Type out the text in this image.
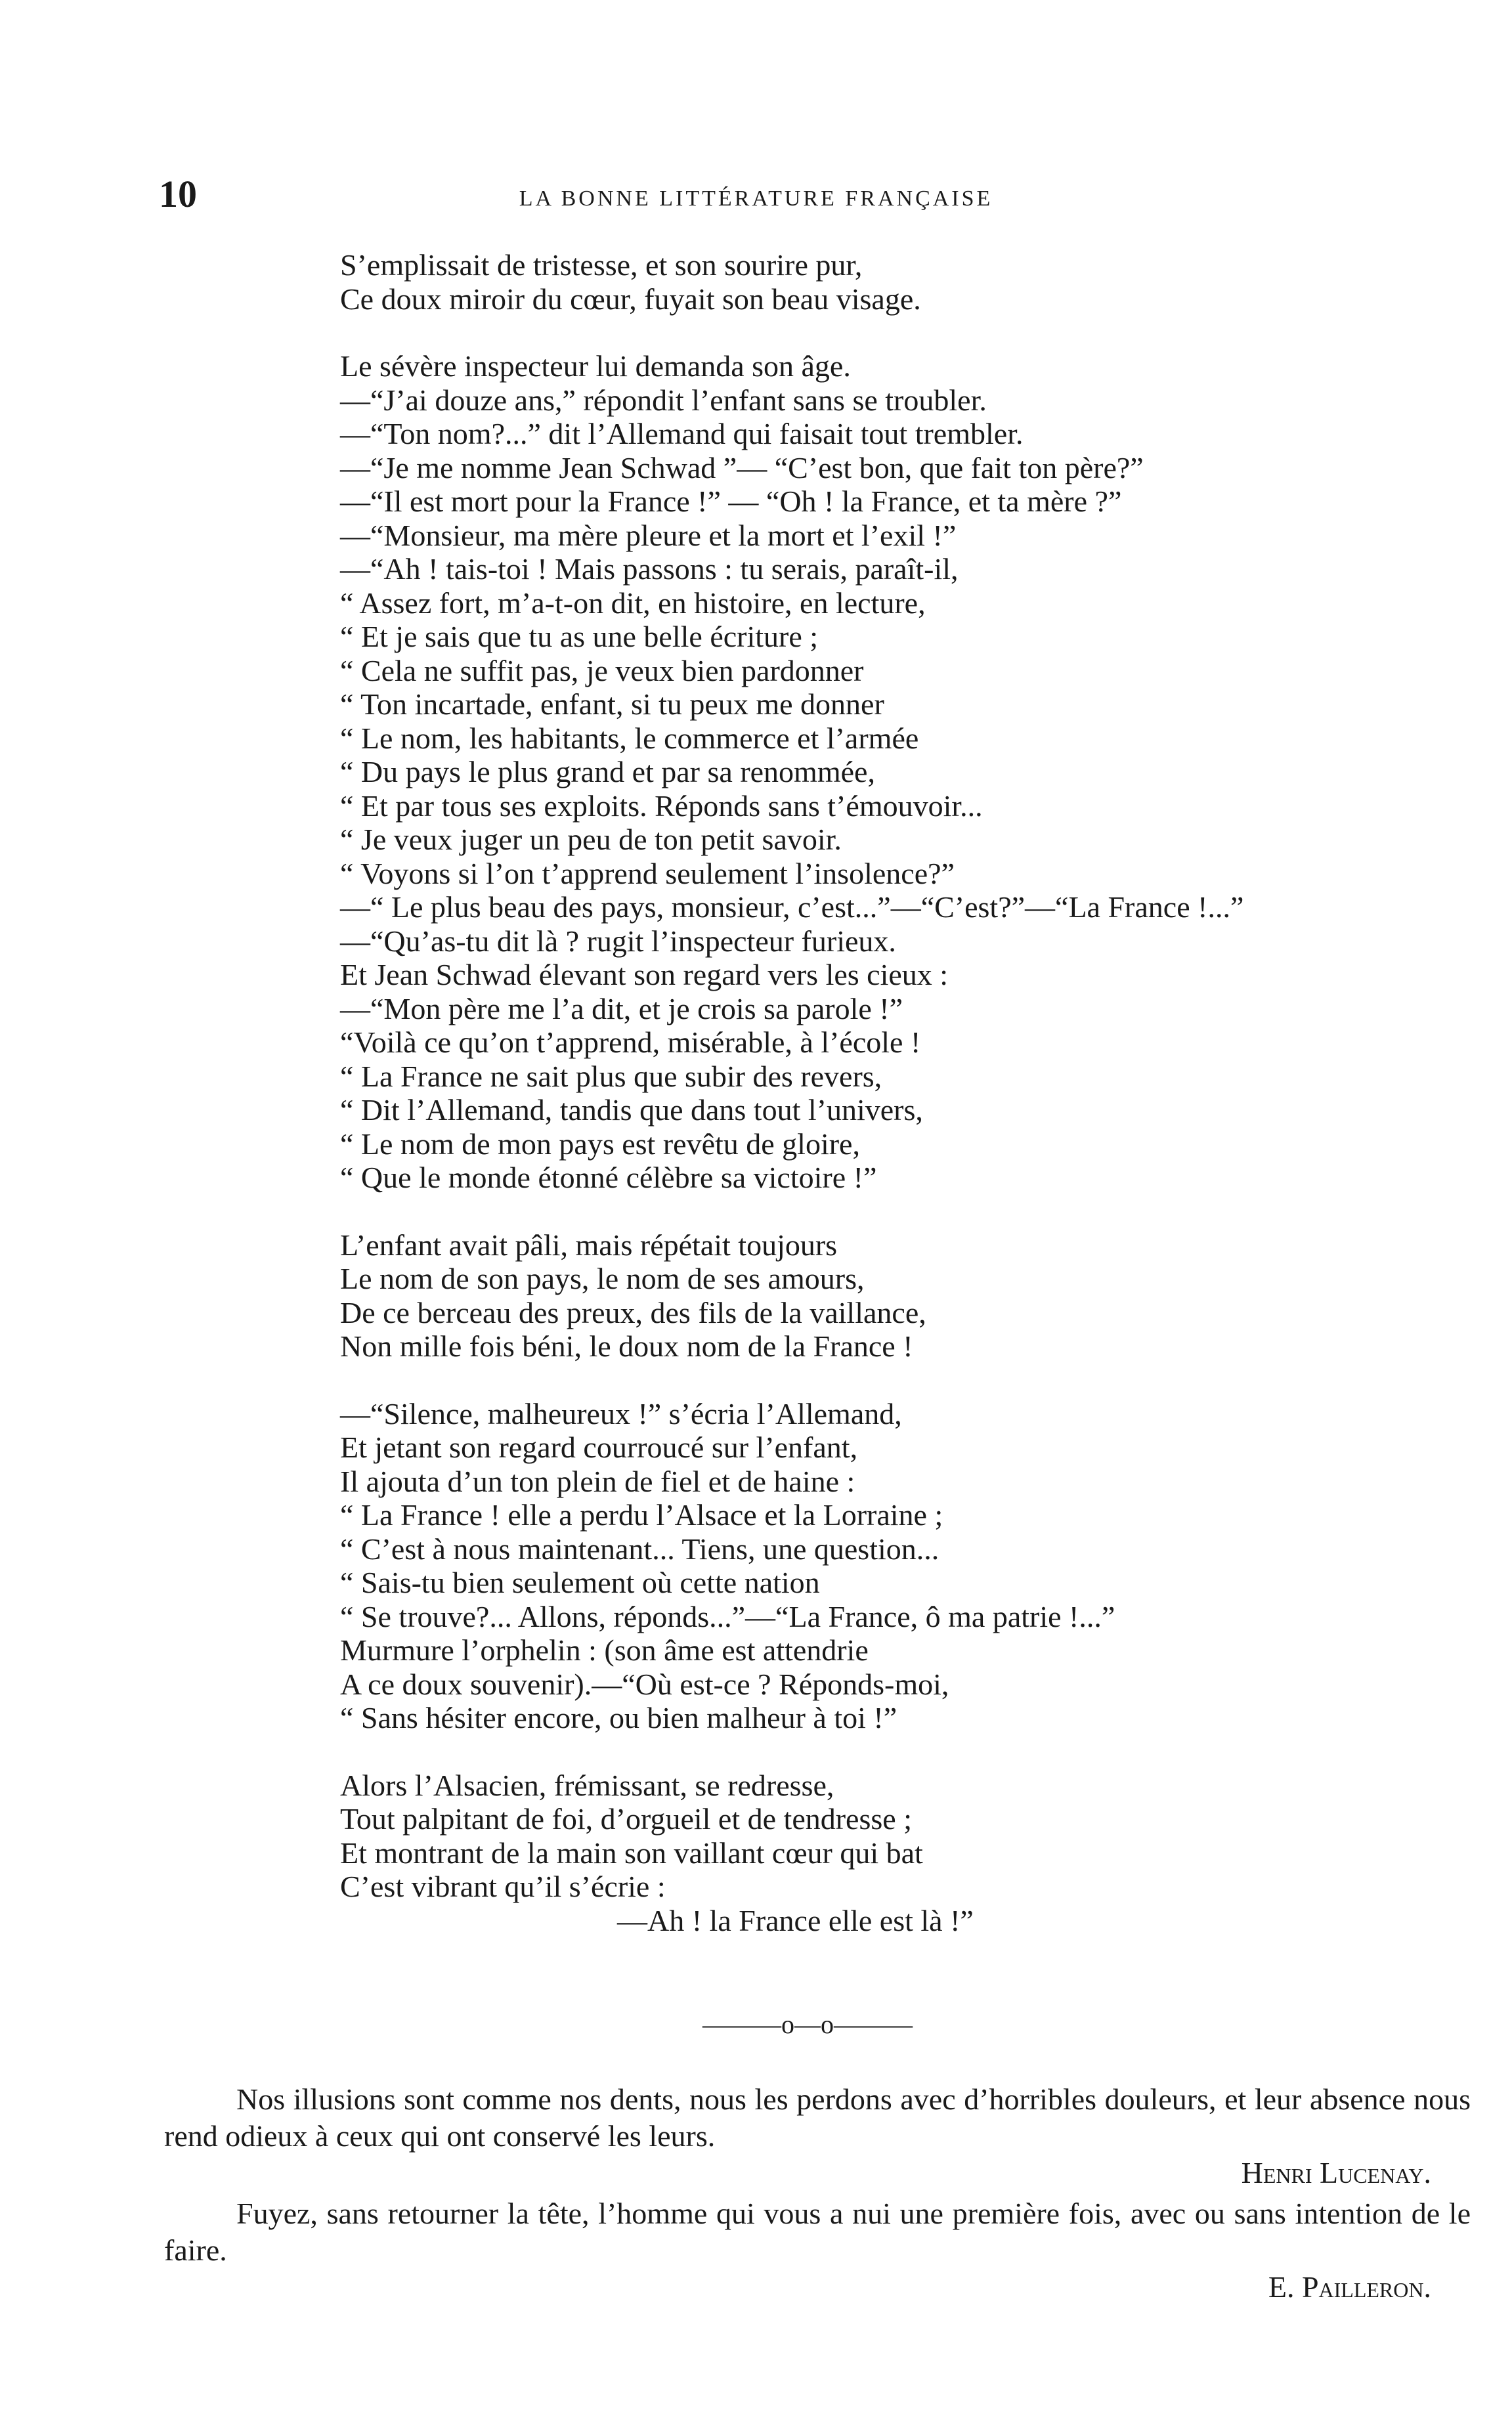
10	LA BONNE LITTÉRATURE FRANÇAISE
S’emplissait de tristesse, et son sourire pur,
Ce doux miroir du cœur, fuyait son beau visage.
Le sévère inspecteur lui demanda son âge.
—“J’ai douze ans,” répondit l’enfant sans se troubler.
—“Ton nom?...” dit l’Allemand qui faisait tout trembler.
—“Je me nomme Jean Schwad ”— “C’est bon, que fait ton père?”
—“Il est mort pour la France !” — “Oh ! la France, et ta mère ?”
—“Monsieur, ma mère pleure et la mort et l’exil !”
—“Ah ! tais-toi ! Mais passons : tu serais, paraît-il,
“ Assez fort, m’a-t-on dit, en histoire, en lecture,
“ Et je sais que tu as une belle écriture ;
“ Cela ne suffit pas, je veux bien pardonner
“ Ton incartade, enfant, si tu peux me donner
“ Le nom, les habitants, le commerce et l’armée
“ Du pays le plus grand et par sa renommée,
“ Et par tous ses exploits. Réponds sans t’émouvoir...
“ Je veux juger un peu de ton petit savoir.
“ Voyons si l’on t’apprend seulement l’insolence?”
—“ Le plus beau des pays, monsieur, c’est...”—“C’est?”—“La France !...”
—“Qu’as-tu dit là ? rugit l’inspecteur furieux.
Et Jean Schwad élevant son regard vers les cieux :
—“Mon père me l’a dit, et je crois sa parole !”
“Voilà ce qu’on t’apprend, misérable, à l’école !
“ La France ne sait plus que subir des revers,
“ Dit l’Allemand, tandis que dans tout l’univers,
“ Le nom de mon pays est revêtu de gloire,
“ Que le monde étonné célèbre sa victoire !”
L’enfant avait pâli, mais répétait toujours
Le nom de son pays, le nom de ses amours,
De ce berceau des preux, des fils de la vaillance,
Non mille fois béni, le doux nom de la France !
—“Silence, malheureux !” s’écria l’Allemand,
Et jetant son regard courroucé sur l’enfant,
Il ajouta d’un ton plein de fiel et de haine :
“ La France ! elle a perdu l’Alsace et la Lorraine ;
“ C’est à nous maintenant... Tiens, une question...
“ Sais-tu bien seulement où cette nation
“ Se trouve?... Allons, réponds...”—“La France, ô ma patrie !...”
Murmure l’orphelin : (son âme est attendrie
A ce doux souvenir).—“Où est-ce ? Réponds-moi,
“ Sans hésiter encore, ou bien malheur à toi !”
Alors l’Alsacien, frémissant, se redresse,
Tout palpitant de foi, d’orgueil et de tendresse ;
Et montrant de la main son vaillant cœur qui bat
C’est vibrant qu’il s’écrie :
—Ah ! la France elle est là !”
———o—o———

Nos illusions sont comme nos dents, nous les perdons avec d’horribles douleurs, et leur absence nous rend odieux à ceux qui ont conservé les leurs.

Henri Lucenay.

Fuyez, sans retourner la tête, l’homme qui vous a nui une première fois, avec ou sans intention de le faire.

E. Pailleron.
